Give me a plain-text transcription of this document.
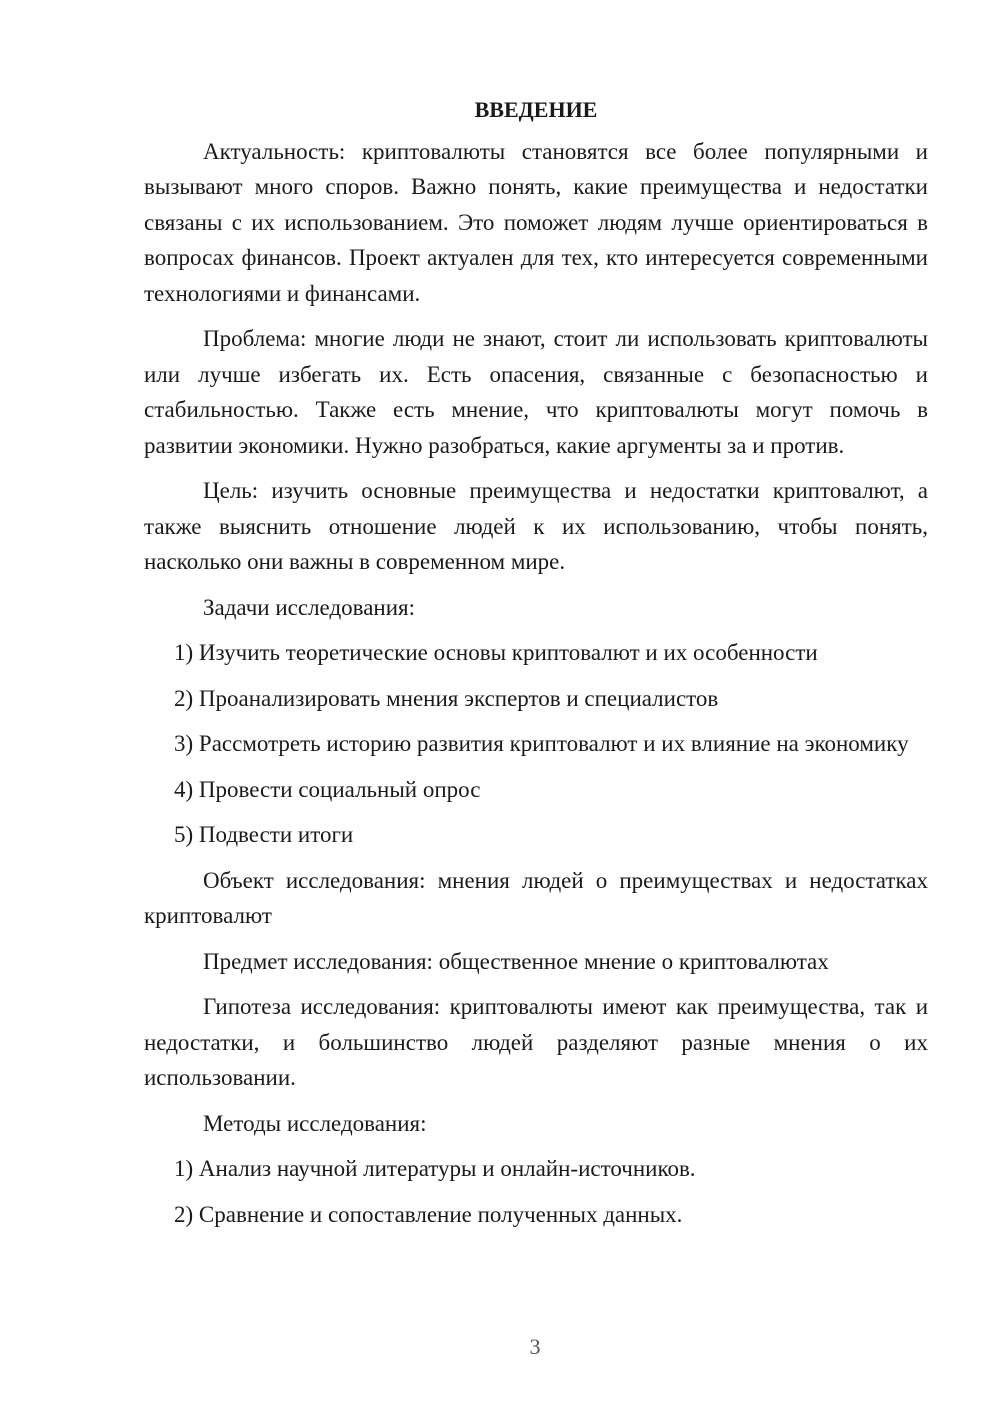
ВВЕДЕНИЕ

Актуальность: криптовалюты становятся все более популярными и вызывают много споров. Важно понять, какие преимущества и недостатки связаны с их использованием. Это поможет людям лучше ориентироваться в вопросах финансов. Проект актуален для тех, кто интересуется современными технологиями и финансами.

Проблема: многие люди не знают, стоит ли использовать криптовалюты или лучше избегать их. Есть опасения, связанные с безопасностью и стабильностью. Также есть мнение, что криптовалюты могут помочь в развитии экономики. Нужно разобраться, какие аргументы за и против.

Цель: изучить основные преимущества и недостатки криптовалют, а также выяснить отношение людей к их использованию, чтобы понять, насколько они важны в современном мире.

Задачи исследования:

1) Изучить теоретические основы криптовалют и их особенности

2) Проанализировать мнения экспертов и специалистов

3) Рассмотреть историю развития криптовалют и их влияние на экономику

4) Провести социальный опрос

5) Подвести итоги

Объект исследования: мнения людей о преимуществах и недостатках криптовалют

Предмет исследования: общественное мнение о криптовалютах

Гипотеза исследования: криптовалюты имеют как преимущества, так и недостатки, и большинство людей разделяют разные мнения о их использовании.

Методы исследования:

1) Анализ научной литературы и онлайн-источников.

2) Сравнение и сопоставление полученных данных.

3
